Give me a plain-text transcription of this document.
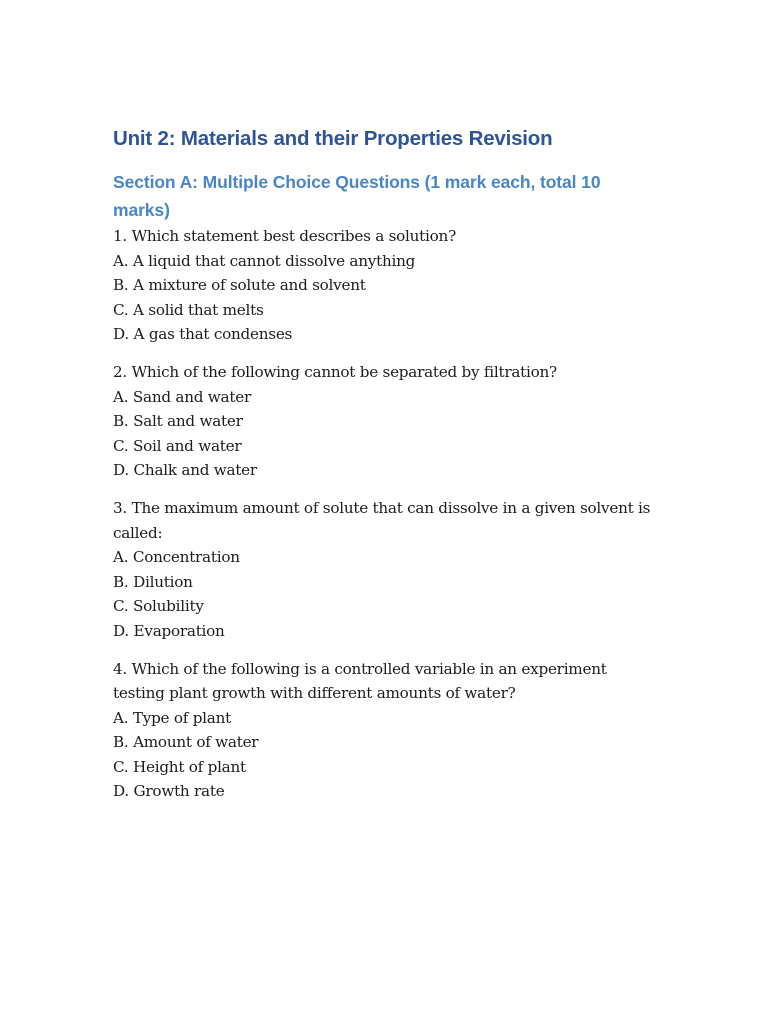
Unit 2: Materials and their Properties Revision
Section A: Multiple Choice Questions (1 mark each, total 10 marks)

1. Which statement best describes a solution?

A. A liquid that cannot dissolve anything

B. A mixture of solute and solvent

C. A solid that melts

D. A gas that condenses

2. Which of the following cannot be separated by filtration?

A. Sand and water

B. Salt and water

C. Soil and water

D. Chalk and water

3. The maximum amount of solute that can dissolve in a given solvent is called:

A. Concentration

B. Dilution

C. Solubility

D. Evaporation

4. Which of the following is a controlled variable in an experiment testing plant growth with different amounts of water?

A. Type of plant

B. Amount of water

C. Height of plant

D. Growth rate
